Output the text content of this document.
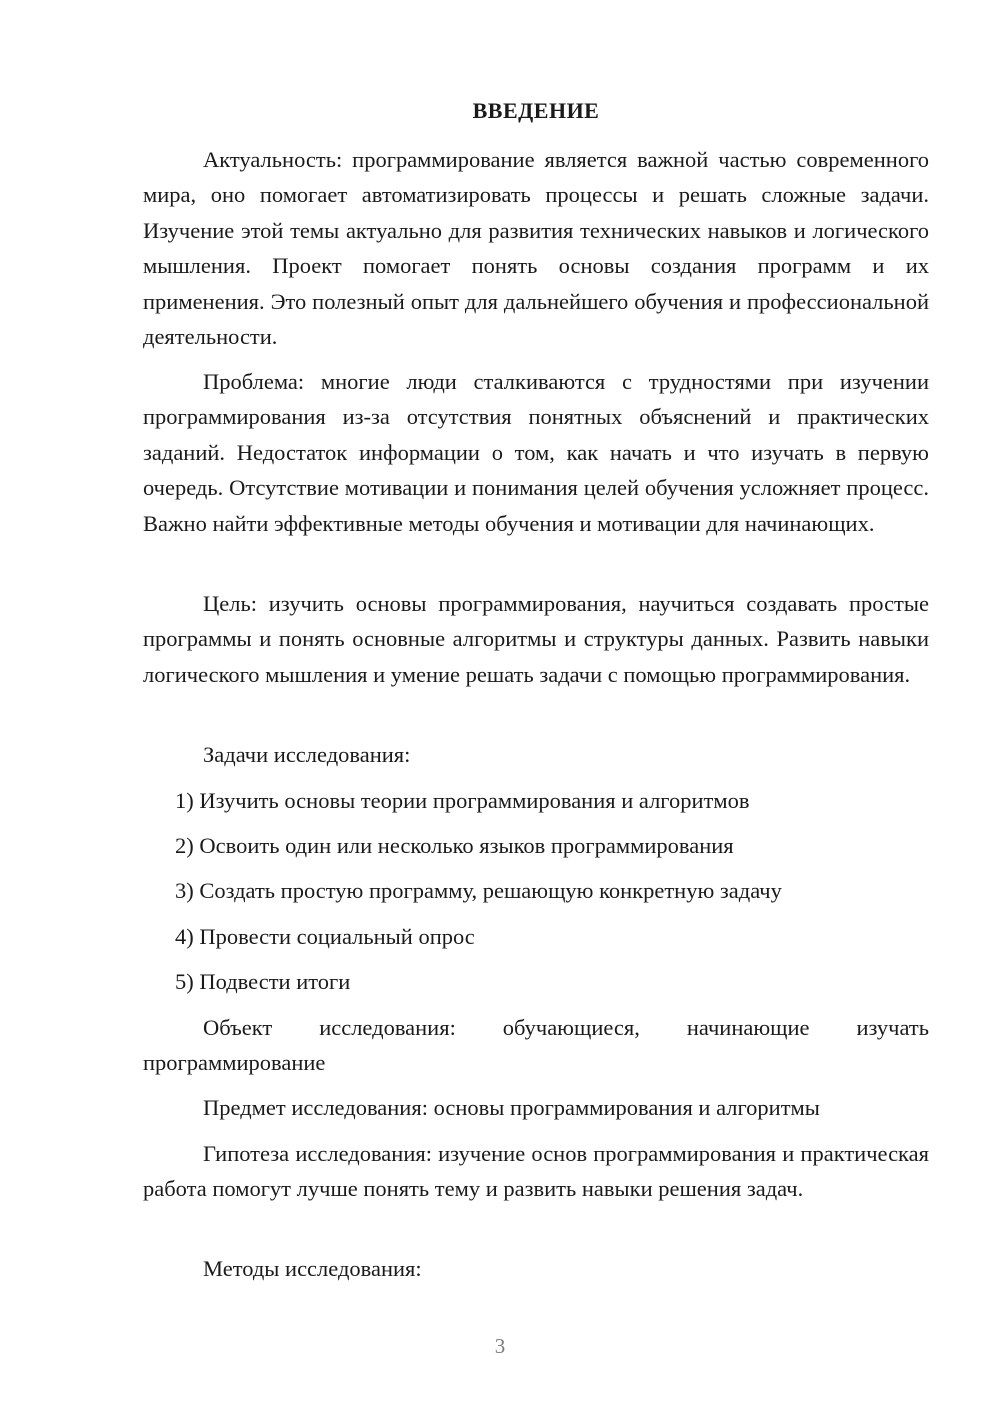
ВВЕДЕНИЕ

Актуальность: программирование является важной частью современного мира, оно помогает автоматизировать процессы и решать сложные задачи. Изучение этой темы актуально для развития технических навыков и логического мышления. Проект помогает понять основы создания программ и их применения. Это полезный опыт для дальнейшего обучения и профессиональной деятельности.

Проблема: многие люди сталкиваются с трудностями при изучении программирования из-за отсутствия понятных объяснений и практических заданий. Недостаток информации о том, как начать и что изучать в первую очередь. Отсутствие мотивации и понимания целей обучения усложняет процесс. Важно найти эффективные методы обучения и мотивации для начинающих.

Цель: изучить основы программирования, научиться создавать простые программы и понять основные алгоритмы и структуры данных. Развить навыки логического мышления и умение решать задачи с помощью программирования.

Задачи исследования:

1) Изучить основы теории программирования и алгоритмов

2) Освоить один или несколько языков программирования

3) Создать простую программу, решающую конкретную задачу

4) Провести социальный опрос

5) Подвести итоги

Объект исследования: обучающиеся, начинающие изучать программирование

Предмет исследования: основы программирования и алгоритмы

Гипотеза исследования: изучение основ программирования и практическая работа помогут лучше понять тему и развить навыки решения задач.

Методы исследования:

3
